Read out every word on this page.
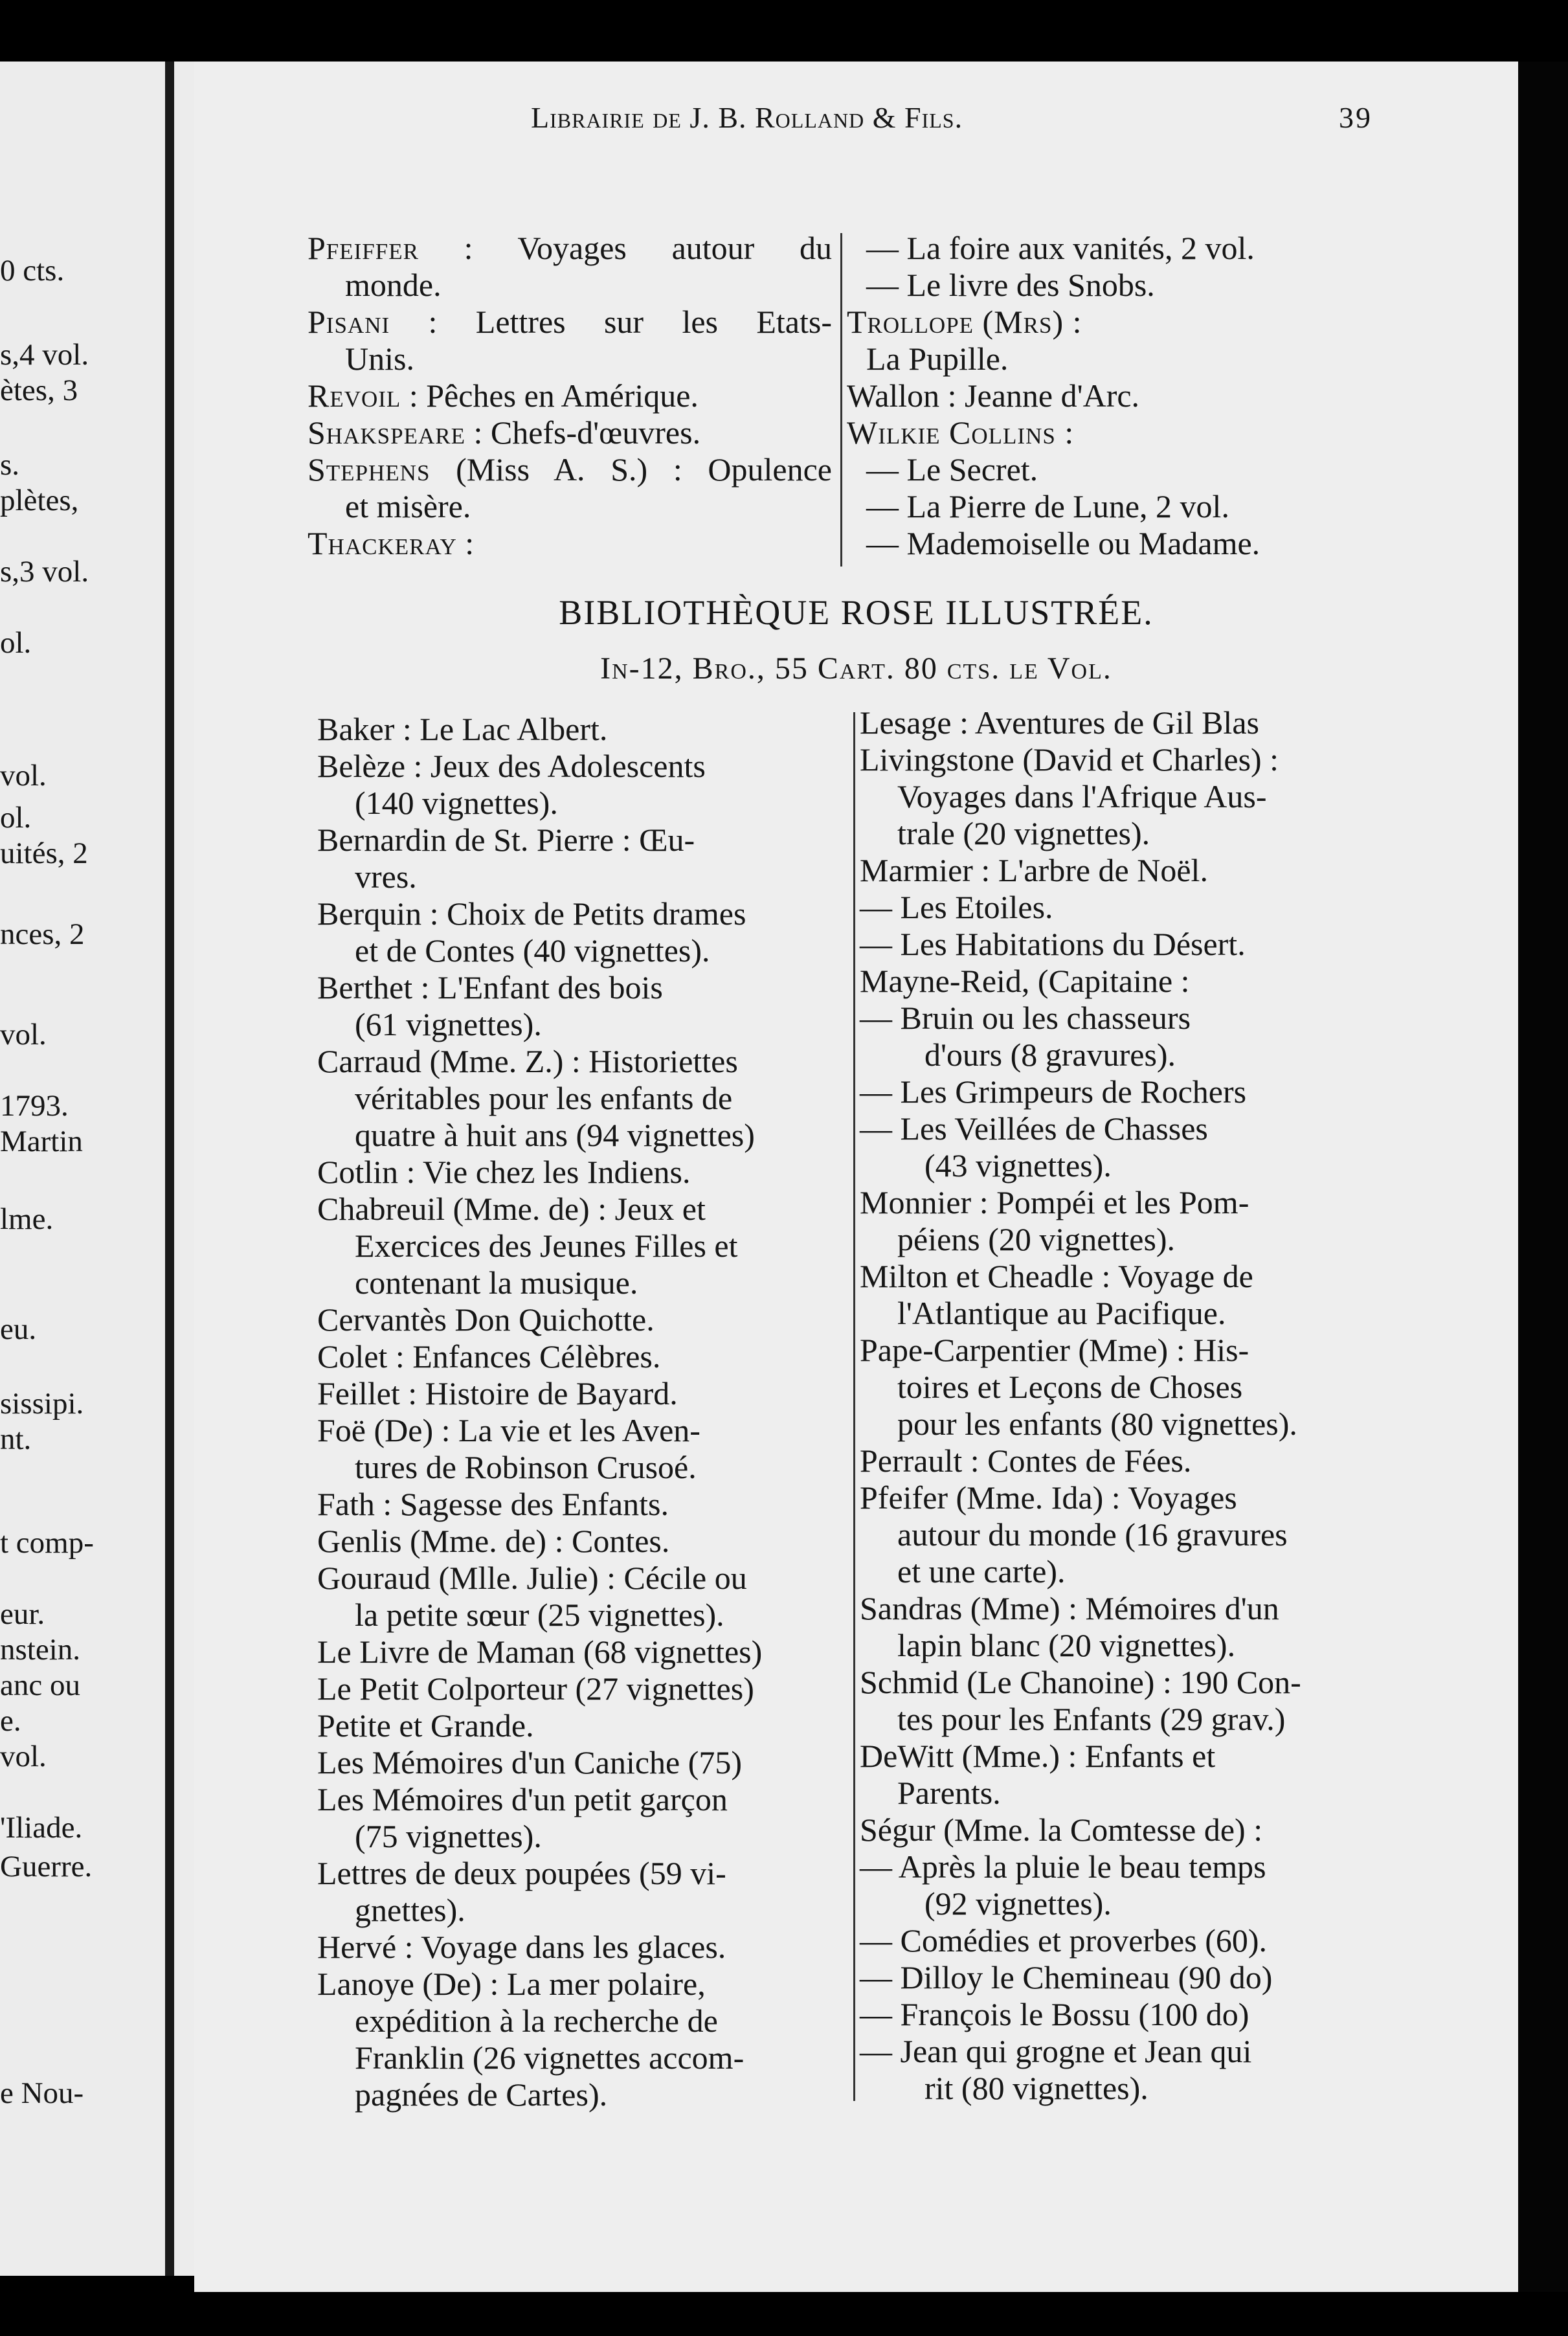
0 cts.
s,4 vol.
ètes, 3
s.
plètes,
s,3 vol.
ol.
vol.
ol.
uités, 2
nces, 2
vol.
1793.
Martin
lme.
eu.
sissipi.
nt.
t comp-
eur.
nstein.
anc ou
e.
vol.
'Iliade.
Guerre.
e Nou-
Librairie de J. B. Rolland & Fils.	39
Pfeiffer : Voyages autour du
monde.
Pisani : Lettres sur les Etats-
Unis.
Revoil : Pêches en Amérique.
Shakspeare : Chefs-d'œuvres.
Stephens (Miss A. S.) : Opulence
et misère.
Thackeray :
— La foire aux vanités, 2 vol.
— Le livre des Snobs.
Trollope (Mrs) :
La Pupille.
Wallon : Jeanne d'Arc.
Wilkie Collins :
— Le Secret.
— La Pierre de Lune, 2 vol.
— Mademoiselle ou Madame.
BIBLIOTHÈQUE ROSE ILLUSTRÉE.
In-12, Bro., 55 Cart. 80 cts. le Vol.
Baker : Le Lac Albert.
Belèze : Jeux des Adolescents
(140 vignettes).
Bernardin de St. Pierre : Œu-
vres.
Berquin : Choix de Petits drames
et de Contes (40 vignettes).
Berthet : L'Enfant des bois
(61 vignettes).
Carraud (Mme. Z.) : Historiettes
véritables pour les enfants de
quatre à huit ans (94 vignettes)
Cotlin : Vie chez les Indiens.
Chabreuil (Mme. de) : Jeux et
Exercices des Jeunes Filles et
contenant la musique.
Cervantès Don Quichotte.
Colet : Enfances Célèbres.
Feillet : Histoire de Bayard.
Foë (De) : La vie et les Aven-
tures de Robinson Crusoé.
Fath : Sagesse des Enfants.
Genlis (Mme. de) : Contes.
Gouraud (Mlle. Julie) : Cécile ou
la petite sœur (25 vignettes).
Le Livre de Maman (68 vignettes)
Le Petit Colporteur (27 vignettes)
Petite et Grande.
Les Mémoires d'un Caniche (75)
Les Mémoires d'un petit garçon
(75 vignettes).
Lettres de deux poupées (59 vi-
gnettes).
Hervé : Voyage dans les glaces.
Lanoye (De) : La mer polaire,
expédition à la recherche de
Franklin (26 vignettes accom-
pagnées de Cartes).
Lesage : Aventures de Gil Blas
Livingstone (David et Charles) :
Voyages dans l'Afrique Aus-
trale (20 vignettes).
Marmier : L'arbre de Noël.
— Les Etoiles.
— Les Habitations du Désert.
Mayne-Reid, (Capitaine :
— Bruin ou les chasseurs
d'ours (8 gravures).
— Les Grimpeurs de Rochers
— Les Veillées de Chasses
(43 vignettes).
Monnier : Pompéi et les Pom-
péiens (20 vignettes).
Milton et Cheadle : Voyage de
l'Atlantique au Pacifique.
Pape-Carpentier (Mme) : His-
toires et Leçons de Choses
pour les enfants (80 vignettes).
Perrault : Contes de Fées.
Pfeifer (Mme. Ida) : Voyages
autour du monde (16 gravures
et une carte).
Sandras (Mme) : Mémoires d'un
lapin blanc (20 vignettes).
Schmid (Le Chanoine) : 190 Con-
tes pour les Enfants (29 grav.)
DeWitt (Mme.) : Enfants et
Parents.
Ségur (Mme. la Comtesse de) :
— Après la pluie le beau temps
(92 vignettes).
— Comédies et proverbes (60).
— Dilloy le Chemineau (90 do)
— François le Bossu (100 do)
— Jean qui grogne et Jean qui
rit (80 vignettes).
